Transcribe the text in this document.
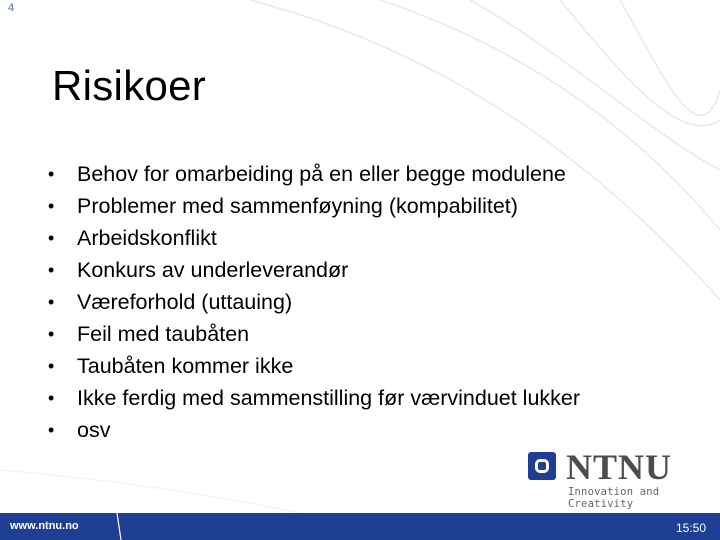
4
Risikoer
• Behov for omarbeiding på en eller begge modulene
• Problemer med sammenføyning (kompabilitet)
• Arbeidskonflikt
• Konkurs av underleverandør
• Væreforhold (uttauing)
• Feil med taubåten
• Taubåten kommer ikke
• Ikke ferdig med sammenstilling før værvinduet lukker
• osv
NTNU
Innovation and Creativity
www.ntnu.no	15:50
